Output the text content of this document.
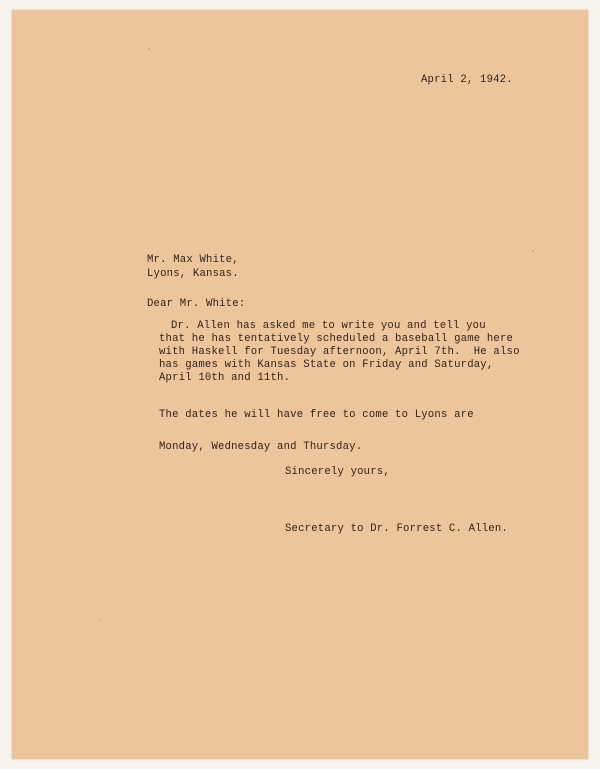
April 2, 1942.
Mr. Max White,
Lyons, Kansas.
Dear Mr. White:

Dr. Allen has asked me to write you and tell you

that he has tentatively scheduled a baseball game here

with Haskell for Tuesday afternoon, April 7th.  He also

has games with Kansas State on Friday and Saturday,

April 10th and 11th.

The dates he will have free to come to Lyons are

Monday, Wednesday and Thursday.

Sincerely yours,
Secretary to Dr. Forrest C. Allen.
